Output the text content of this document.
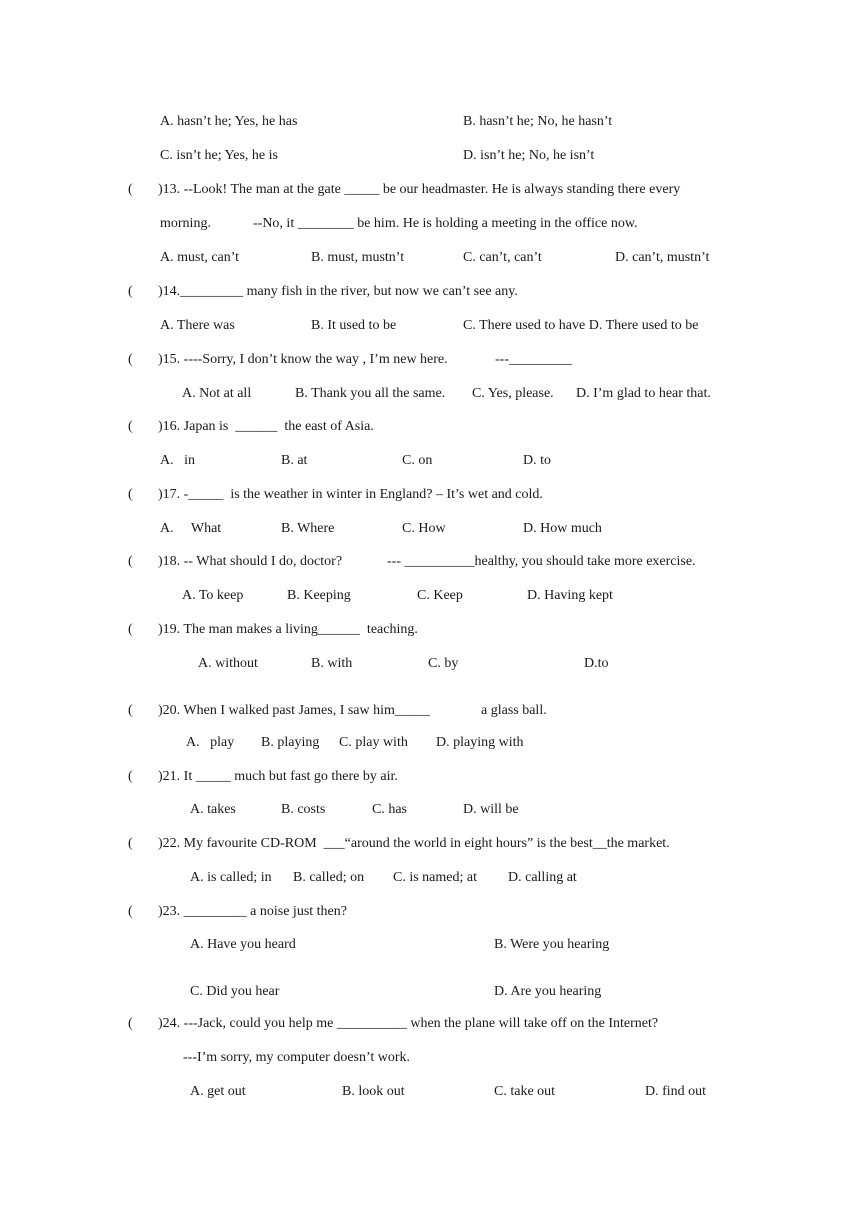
A. hasn’t he; Yes, he has	B. hasn’t he; No, he hasn’t
C. isn’t he; Yes, he is	D. isn’t he; No, he isn’t
( )13. --Look! The man at the gate _____ be our headmaster. He is always standing there every
morning.	--No, it ________ be him. He is holding a meeting in the office now.
A. must, can’t	B. must, mustn’t	C. can’t, can’t	D. can’t, mustn’t
( )14._________ many fish in the river, but now we can’t see any.
A. There was	B. It used to be	C. There used to have D. There used to be
( )15. ----Sorry, I don’t know the way , I’m new here.	---_________
A. Not at all	B. Thank you all the same. C. Yes, please. D. I’m glad to hear that.
( )16. Japan is  ______  the east of Asia.
A.   in	B. at	C. on	D. to
( )17. -_____  is the weather in winter in England? – It’s wet and cold.
A.     What	B. Where	C. How	D. How much
( )18. -- What should I do, doctor?	--- __________healthy, you should take more exercise.
A. To keep	B. Keeping	C. Keep	D. Having kept
( )19. The man makes a living______  teaching.
A. without	B. with	C. by	D.to
( )20. When I walked past James, I saw him_____	a glass ball.
A.   play B. playing C. play with D. playing with
( )21. It _____ much but fast go there by air.
A. takes	B. costs	C. has	D. will be
( )22. My favourite CD-ROM  ___“around the world in eight hours” is the best__the market.
A. is called; in B. called; on C. is named; at D. calling at
( )23. _________ a noise just then?
A. Have you heard	B. Were you hearing
C. Did you hear	D. Are you hearing
( )24. ---Jack, could you help me __________ when the plane will take off on the Internet?
---I’m sorry, my computer doesn’t work.
A. get out	B. look out	C. take out	D. find out
